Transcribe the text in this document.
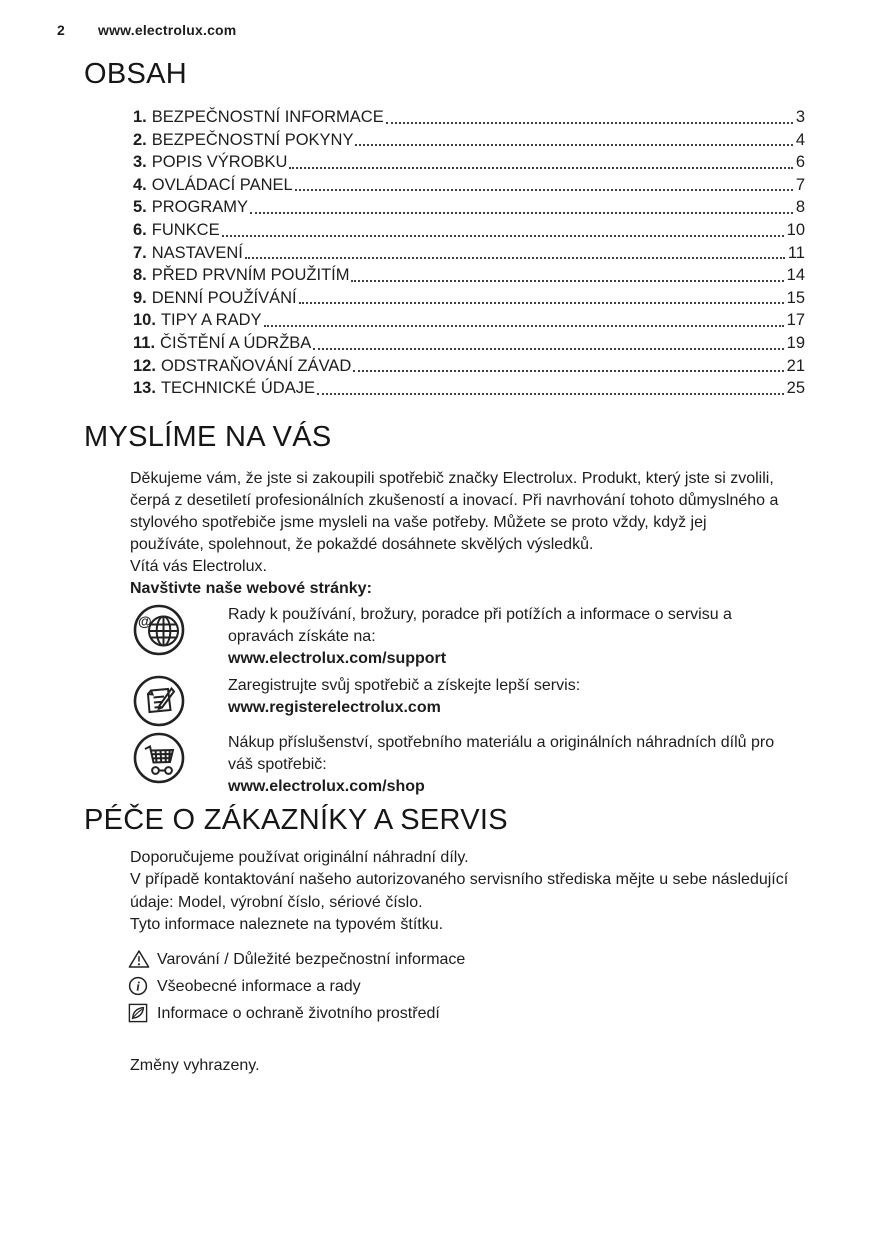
2	www.electrolux.com
OBSAH
1. BEZPEČNOSTNÍ INFORMACE	3
2. BEZPEČNOSTNÍ POKYNY	4
3. POPIS VÝROBKU	6
4. OVLÁDACÍ PANEL	7
5. PROGRAMY	8
6. FUNKCE	10
7. NASTAVENÍ	11
8. PŘED PRVNÍM POUŽITÍM	14
9. DENNÍ POUŽÍVÁNÍ	15
10. TIPY A RADY	17
11. ČIŠTĚNÍ A ÚDRŽBA	19
12. ODSTRAŇOVÁNÍ ZÁVAD	21
13. TECHNICKÉ ÚDAJE	25
MYSLÍME NA VÁS
Děkujeme vám, že jste si zakoupili spotřebič značky Electrolux. Produkt, který jste si zvolili, čerpá z desetiletí profesionálních zkušeností a inovací. Při navrhování tohoto důmyslného a stylového spotřebiče jsme mysleli na vaše potřeby. Můžete se proto vždy, když jej používáte, spolehnout, že pokaždé dosáhnete skvělých výsledků.
Vítá vás Electrolux.
Navštivte naše webové stránky:
@	Rady k používání, brožury, poradce při potížích a informace o servisu a opravách získáte na:
www.electrolux.com/support
Zaregistrujte svůj spotřebič a získejte lepší servis:
www.registerelectrolux.com
Nákup příslušenství, spotřebního materiálu a originálních náhradních dílů pro váš spotřebič:
www.electrolux.com/shop
PÉČE O ZÁKAZNÍKY A SERVIS
Doporučujeme používat originální náhradní díly.
V případě kontaktování našeho autorizovaného servisního střediska mějte u sebe následující údaje: Model, výrobní číslo, sériové číslo.
Tyto informace naleznete na typovém štítku.
Varování / Důležité bezpečnostní informace
i Všeobecné informace a rady
Informace o ochraně životního prostředí
Změny vyhrazeny.
